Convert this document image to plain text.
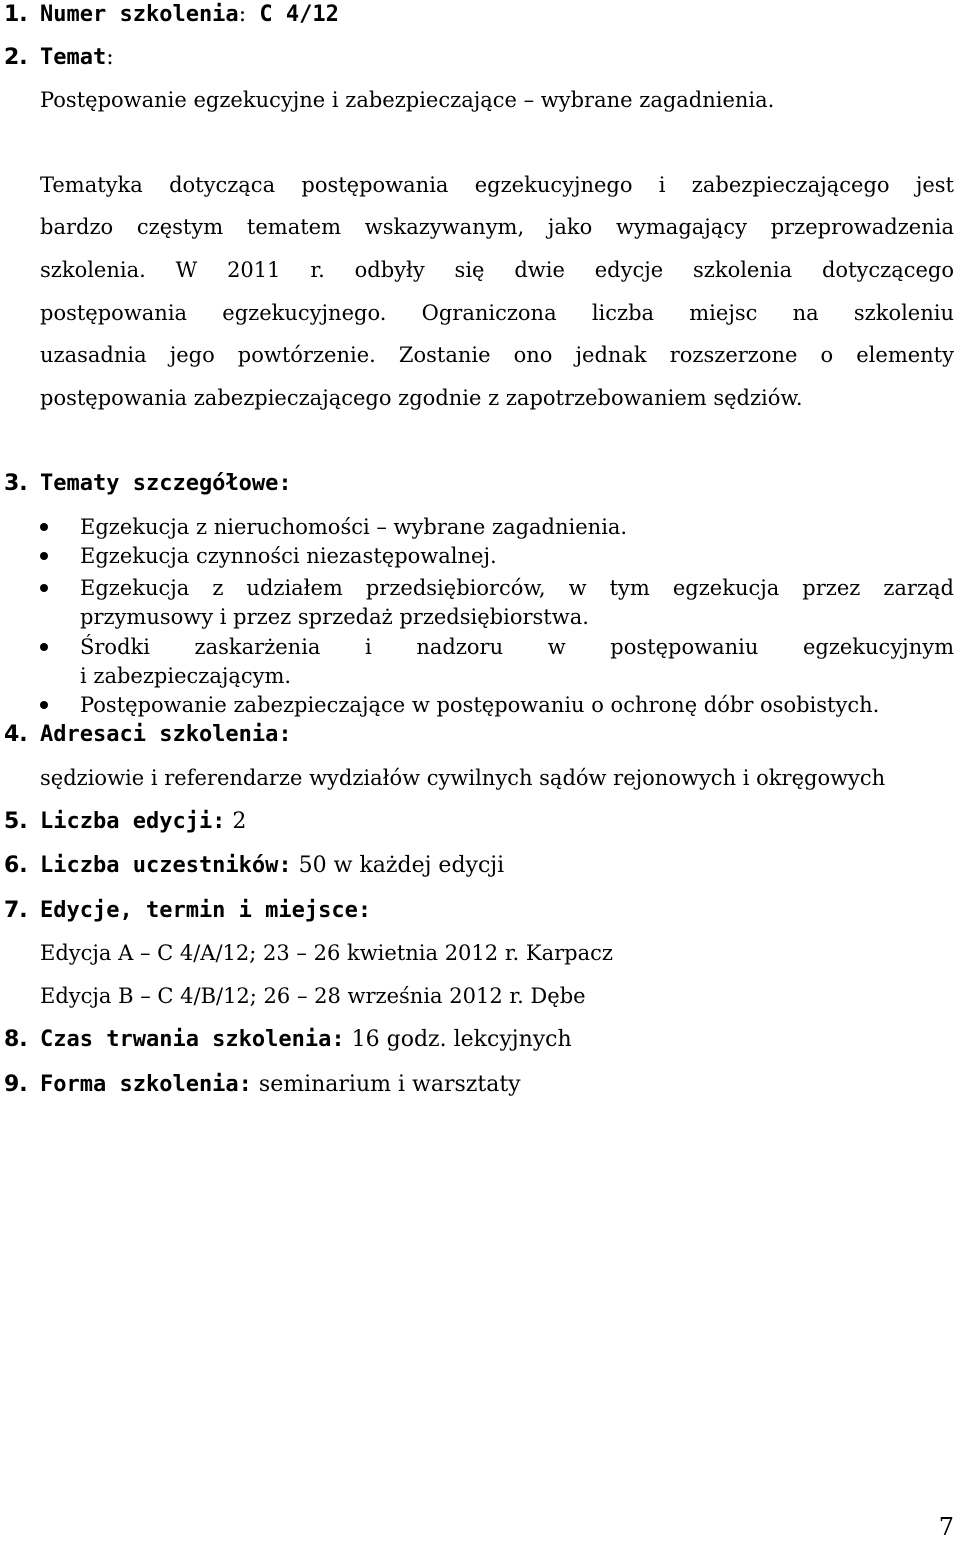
1. Numer szkolenia: C 4/12
2. Temat:
Postępowanie egzekucyjne i zabezpieczające – wybrane zagadnienia.
Tematyka dotycząca postępowania egzekucyjnego i zabezpieczającego jest
bardzo częstym tematem wskazywanym, jako wymagający przeprowadzenia
szkolenia. W 2011 r. odbyły się dwie edycje szkolenia dotyczącego
postępowania egzekucyjnego. Ograniczona liczba miejsc na szkoleniu
uzasadnia jego powtórzenie. Zostanie ono jednak rozszerzone o elementy
postępowania zabezpieczającego zgodnie z zapotrzebowaniem sędziów.
3. Tematy szczegółowe:
Egzekucja z nieruchomości – wybrane zagadnienia.
Egzekucja czynności niezastępowalnej.
Egzekucja z udziałem przedsiębiorców, w tym egzekucja przez zarząd
przymusowy i przez sprzedaż przedsiębiorstwa.
Środki zaskarżenia i nadzoru w postępowaniu egzekucyjnym
i zabezpieczającym.
Postępowanie zabezpieczające w postępowaniu o ochronę dóbr osobistych.
4. Adresaci szkolenia:
sędziowie i referendarze wydziałów cywilnych sądów rejonowych i okręgowych
5. Liczba edycji: 2
6. Liczba uczestników: 50 w każdej edycji
7. Edycje, termin i miejsce:
Edycja A – C 4/A/12; 23 – 26 kwietnia 2012 r. Karpacz
Edycja B – C 4/B/12; 26 – 28 września 2012 r. Dębe
8. Czas trwania szkolenia: 16 godz. lekcyjnych
9. Forma szkolenia: seminarium i warsztaty
7
